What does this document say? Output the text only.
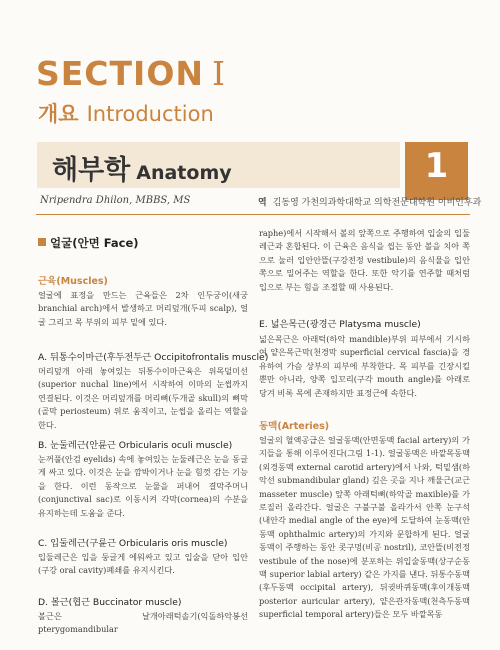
SECTION I
개요 Introduction
해부학 Anatomy	1
Nripendra Dhilon, MBBS, MS	역 김동영 가천의과학대학교 의학전문대학원 이비인후과
얼굴(안면 Face)
근육(Muscles)

얼굴에 표정을 만드는 근육들은 2차 인두궁이(새궁 branchial arch)에서 발생하고 머리덮개(두피 scalp), 얼굴 그리고 목 부위의 피부 밑에 있다.

A. 뒤통수이마근(후두전두근 Occipitofrontalis muscle)

머리덮개 아래 놓여있는 뒤통수이마근육은 위목덜미선(superior nuchal line)에서 시작하여 이마의 눈썹까지 연결된다. 이것은 머리덮개를 머리뼈(두개골 skull)의 뼈막(골막 periosteum) 위로 움직이고, 눈썹을 올리는 역할을 한다.

B. 눈둘레근(안륜근 Orbicularis oculi muscle)

눈꺼풀(안검 eyelids) 속에 놓여있는 눈둘레근은 눈을 동글게 싸고 있다. 이것은 눈을 깜박이거나 눈을 힘껏 감는 기능을 한다. 이런 동작으로 눈물을 퍼내어 결막주머니(conjunctival sac)로 이동시켜 각막(cornea)의 수분을 유지하는데 도움을 준다.

C. 입둘레근(구륜근 Orbicularis oris muscle)

입둘레근은 입을 둥글게 에워싸고 있고 입술을 닫아 입안(구강 oral cavity)폐쇄를 유지시킨다.

D. 볼근(협근 Buccinator muscle)

볼근은 날개아래턱솔기(익돌하악봉선 pterygomandibular

raphe)에서 시작해서 볼의 앞쪽으로 주행하여 입술의 입둘레근과 혼합된다. 이 근육은 음식을 씹는 동안 볼을 치아 쪽으로 눌러 입안안뜰(구강전정 vestibule)의 음식물을 입안 쪽으로 밀어주는 역할을 한다. 또한 악기를 연주할 때처럼 입으로 부는 힘을 조절할 때 사용된다.

E. 넓은목근(광경근 Platysma muscle)

넓은목근은 아래턱(하악 mandible)부위 피부에서 기시하여 얕은목근막(천경막 superficial cervical fascia)을 경유하여 가슴 상부의 피부에 부착한다. 목 피부를 긴장시킬 뿐만 아니라, 양쪽 입꼬리(구각 mouth angle)를 아래로 당겨 비록 목에 존재하지만 표정근에 속한다.

동맥(Arteries)

얼굴의 혈액공급은 얼굴동맥(안면동맥 facial artery)의 가지들을 통해 이루어진다(그림 1-1). 얼굴동맥은 바깥목동맥(외경동맥 external carotid artery)에서 나와, 턱밑샘(하악선 submandibular gland) 깊은 곳을 지나 깨물근(교근 masseter muscle) 앞쪽 아래턱뼈(하악골 maxible)를 가로질러 올라간다. 얼굴은 구불구불 올라가서 안쪽 눈구석(내안각 medial angle of the eye)에 도달하여 눈동맥(안동맥 ophthalmic artery)의 가지와 문합하게 된다. 얼굴동맥이 주행하는 동안 콧구멍(비공 nostril), 코안뜰(비전정 vestibule of the nose)에 분포하는 위입술동맥(상구순동맥 superior labial artery) 같은 가지를 낸다. 뒤통수동맥(후두동맥 occipital artery), 뒤귓바퀴동맥(후이개동맥 posterior auricular artery), 얕은관자동맥(천측두동맥 superficial temporal artery)들은 모두 바깥목동
